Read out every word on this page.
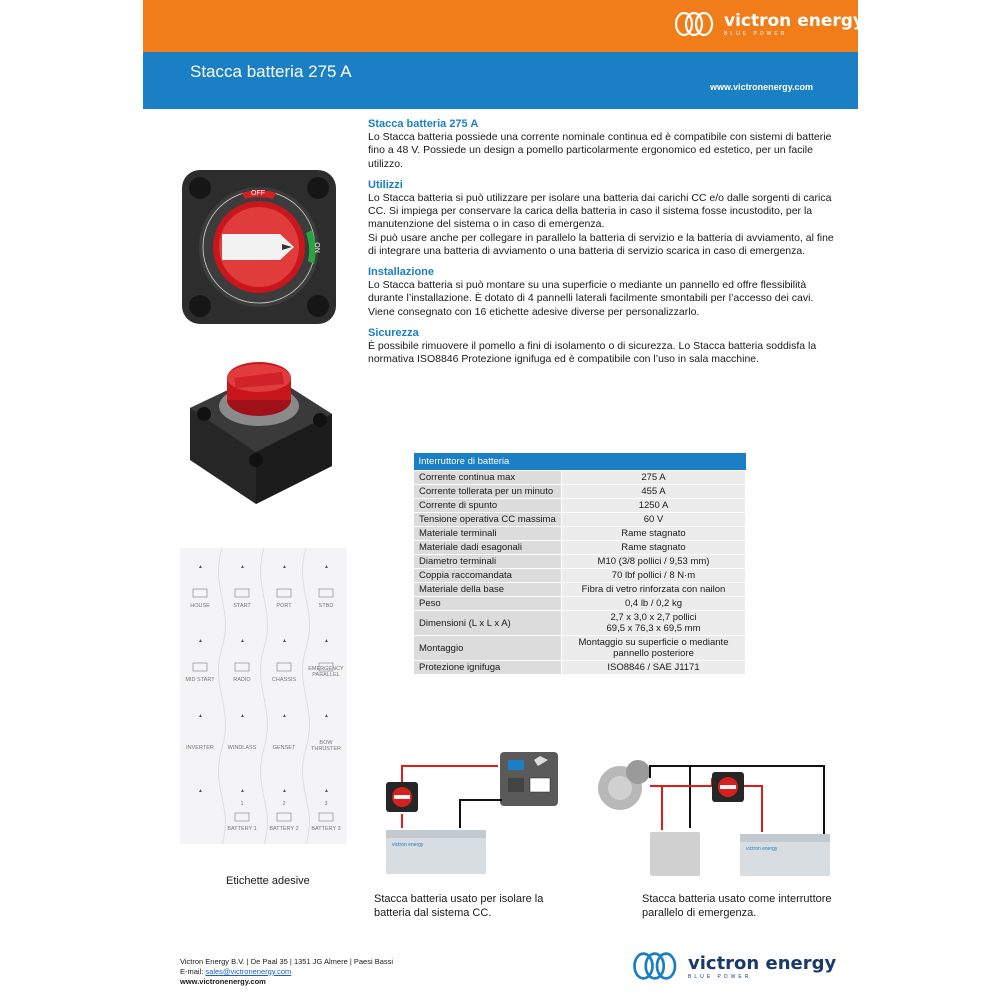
victron energy
BLUE POWER
Stacca batteria 275 A
www.victronenergy.com
OFF
ON
Stacca batteria 275 A

Lo Stacca batteria possiede una corrente nominale continua ed è compatibile con sistemi di batterie fino a 48 V. Possiede un design a pomello particolarmente ergonomico ed estetico, per un facile utilizzo.

Utilizzi

Lo Stacca batteria si può utilizzare per isolare una batteria dai carichi CC e/o dalle sorgenti di carica CC. Si impiega per conservare la carica della batteria in caso il sistema fosse incustodito, per la manutenzione del sistema o in caso di emergenza.

Si può usare anche per collegare in parallelo la batteria di servizio e la batteria di avviamento, al fine di integrare una batteria di avviamento o una batteria di servizio scarica in caso di emergenza.

Installazione

Lo Stacca batteria si può montare su una superficie o mediante un pannello ed offre flessibilità durante l’installazione. È dotato di 4 pannelli laterali facilmente smontabili per l’accesso dei cavi. Viene consegnato con 16 etichette adesive diverse per personalizzarlo.

Sicurezza

È possibile rimuovere il pomello a fini di isolamento o di sicurezza. Lo Stacca batteria soddisfa la normativa ISO8846 Protezione ignifuga ed è compatibile con l’uso in sala macchine.

Interruttore di batteria	
Corrente continua max	275 A
Corrente tollerata per un minuto	455 A
Corrente di spunto	1250 A
Tensione operativa CC massima	60 V
Materiale terminali	Rame stagnato
Materiale dadi esagonali	Rame stagnato
Diametro terminali	M10 (3/8 pollici / 9,53 mm)
Coppia raccomandata	70 lbf pollici / 8 N·m
Materiale della base	Fibra di vetro rinforzata con nailon
Peso	0,4 lb / 0,2 kg
Dimensioni (L x L x A)	2,7 x 3,0 x 2,7 pollici
69,5 x 76,3 x 69,5 mm

Montaggio	Montaggio su superficie o mediante
pannello posteriore

Protezione ignifuga	ISO8846 / SAE J1171
▲	▲	▲	▲
▲	▲	▲	▲
▲	▲	▲	▲
▲	▲	▲	▲
HOUSE	START	PORT	STBD
MID START	RADIO	CHASSIS
EMERGENCY PARALLEL
INVERTER	WINDLASS	GENSET
BOW THRUSTER
BATTERY 1	BATTERY 2	BATTERY 3
1	2	3
Etichette adesive
victron energy
Stacca batteria usato per isolare la batteria dal sistema CC.
victron energy
Stacca batteria usato come interruttore parallelo di emergenza.
Victron Energy B.V. | De Paal 35 | 1351 JG Almere | Paesi Bassi
E-mail: sales@victronenergy.com
www.victronenergy.com
victron energy
BLUE POWER
